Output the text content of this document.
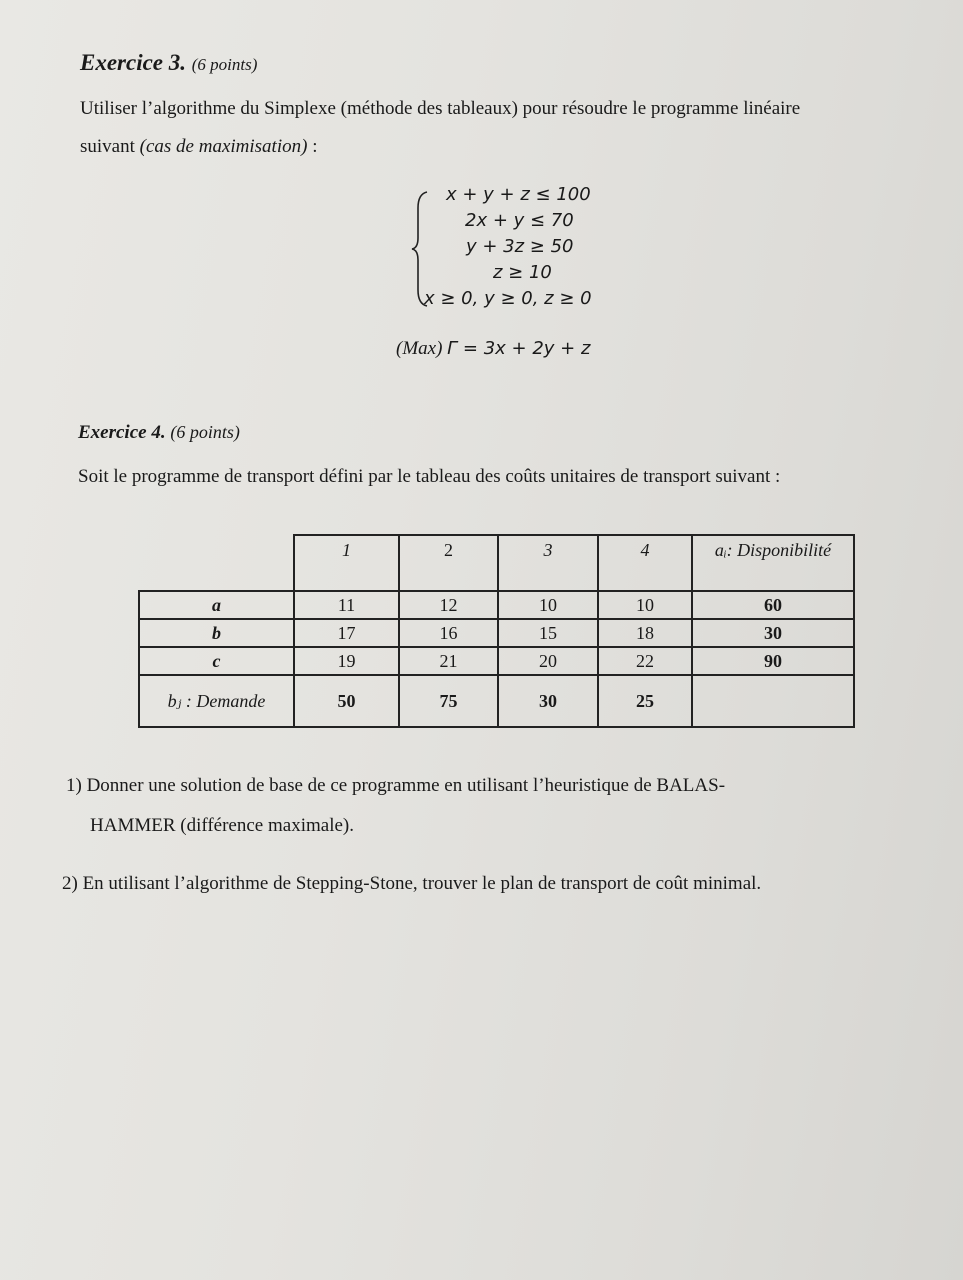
Exercice 3. (6 points)
Utiliser l’algorithme du Simplexe (méthode des tableaux) pour résoudre le programme linéaire
suivant (cas de maximisation) :
x + y + z ≤ 100
2x + y ≤ 70
y + 3z ≥ 50
z ≥ 10
x ≥ 0, y ≥ 0, z ≥ 0
(Max) Γ = 3x + 2y + z
Exercice 4. (6 points)
Soit le programme de transport défini par le tableau des coûts unitaires de transport suivant :
	1	2	3	4	aᵢ: Disponibilité
a	11	12	10	10	60
b	17	16	15	18	30
c	19	21	20	22	90
bⱼ : Demande	50	75	30	25	
1) Donner une solution de base de ce programme en utilisant l’heuristique de BALAS-
HAMMER (différence maximale).
2) En utilisant l’algorithme de Stepping-Stone, trouver le plan de transport de coût minimal.
